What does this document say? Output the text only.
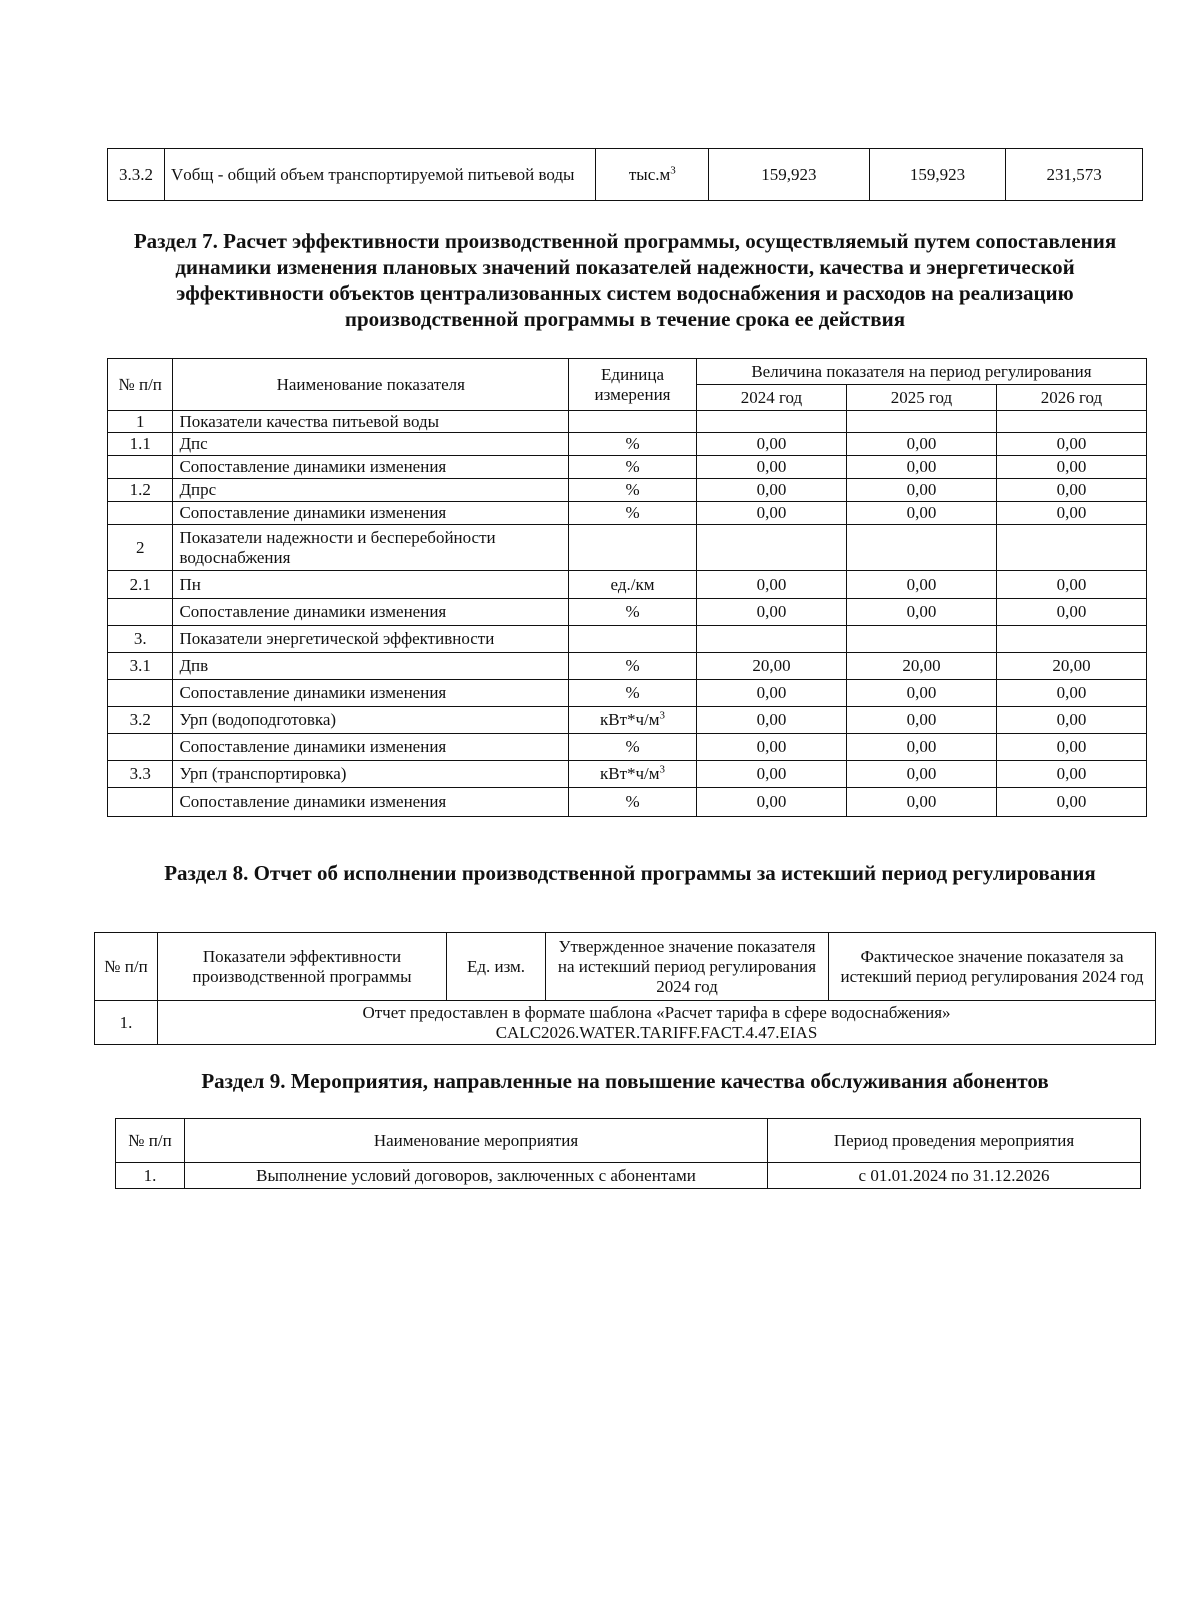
3.3.2	Vобщ - общий объем транспортируемой питьевой воды	$тыс.м^3$	159,923	159,923	231,573
Раздел 7. Расчет эффективности производственной программы, осуществляемый путем сопоставления динамики изменения плановых значений показателей надежности, качества и энергетической эффективности объектов централизованных систем водоснабжения и расходов на реализацию производственной программы в течение срока ее действия
№ п/п	Наименование показателя	Единица измерения	Величина показателя на период регулирования		
			2024 год	2025 год	2026 год
1	Показатели качества питьевой воды				
1.1	Дпс	%	0,00	0,00	0,00
	Сопоставление динамики изменения	%	0,00	0,00	0,00
1.2	Дпрс	%	0,00	0,00	0,00
	Сопоставление динамики изменения	%	0,00	0,00	0,00
2	Показатели надежности и бесперебойности водоснабжения				
2.1	Пн	ед./км	0,00	0,00	0,00
	Сопоставление динамики изменения	%	0,00	0,00	0,00
3.	Показатели энергетической эффективности				
3.1	Дпв	%	20,00	20,00	20,00
	Сопоставление динамики изменения	%	0,00	0,00	0,00
3.2	Урп (водоподготовка)	$кВт*ч/м^3$	0,00	0,00	0,00
	Сопоставление динамики изменения	%	0,00	0,00	0,00
3.3	Урп (транспортировка)	$кВт*ч/м^3$	0,00	0,00	0,00
	Сопоставление динамики изменения	%	0,00	0,00	0,00
Раздел 8. Отчет об исполнении производственной программы за истекший период регулирования
№ п/п	Показатели эффективности производственной программы	Ед. изм.	Утвержденное значение показателя на истекший период регулирования 2024 год	Фактическое значение показателя за истекший период регулирования 2024 год
1.	Отчет предоставлен в формате шаблона «Расчет тарифа в сфере водоснабжения» CALC2026.WATER.TARIFF.FACT.4.47.EIAS			
Раздел 9. Мероприятия, направленные на повышение качества обслуживания абонентов
№ п/п	Наименование мероприятия	Период проведения мероприятия
1.	Выполнение условий договоров, заключенных с абонентами	с 01.01.2024 по 31.12.2026
